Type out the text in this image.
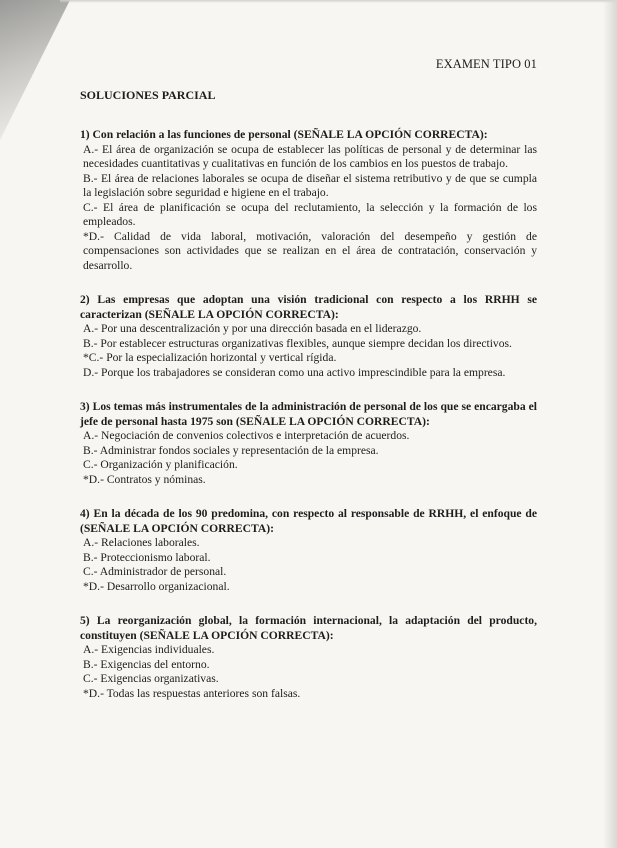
EXAMEN TIPO 01
SOLUCIONES PARCIAL
1) Con relación a las funciones de personal (SEÑALE LA OPCIÓN CORRECTA):
A.- El área de organización se ocupa de establecer las políticas de personal y de determinar las necesidades cuantitativas y cualitativas en función de los cambios en los puestos de trabajo.
B.- El área de relaciones laborales se ocupa de diseñar el sistema retributivo y de que se cumpla la legislación sobre seguridad e higiene en el trabajo.
C.- El área de planificación se ocupa del reclutamiento, la selección y la formación de los empleados.
*D.- Calidad de vida laboral, motivación, valoración del desempeño y gestión de compensaciones son actividades que se realizan en el área de contratación, conservación y desarrollo.
2) Las empresas que adoptan una visión tradicional con respecto a los RRHH se caracterizan (SEÑALE LA OPCIÓN CORRECTA):
A.- Por una descentralización y por una dirección basada en el liderazgo.
B.- Por establecer estructuras organizativas flexibles, aunque siempre decidan los directivos.
*C.- Por la especialización horizontal y vertical rígida.
D.- Porque los trabajadores se consideran como una activo imprescindible para la empresa.
3) Los temas más instrumentales de la administración de personal de los que se encargaba el jefe de personal hasta 1975 son (SEÑALE LA OPCIÓN CORRECTA):
A.- Negociación de convenios colectivos e interpretación de acuerdos.
B.- Administrar fondos sociales y representación de la empresa.
C.- Organización y planificación.
*D.- Contratos y nóminas.
4) En la década de los 90 predomina, con respecto al responsable de RRHH, el enfoque de (SEÑALE LA OPCIÓN CORRECTA):
A.- Relaciones laborales.
B.- Proteccionismo laboral.
C.- Administrador de personal.
*D.- Desarrollo organizacional.
5) La reorganización global, la formación internacional, la adaptación del producto, constituyen (SEÑALE LA OPCIÓN CORRECTA):
A.- Exigencias individuales.
B.- Exigencias del entorno.
C.- Exigencias organizativas.
*D.- Todas las respuestas anteriores son falsas.
